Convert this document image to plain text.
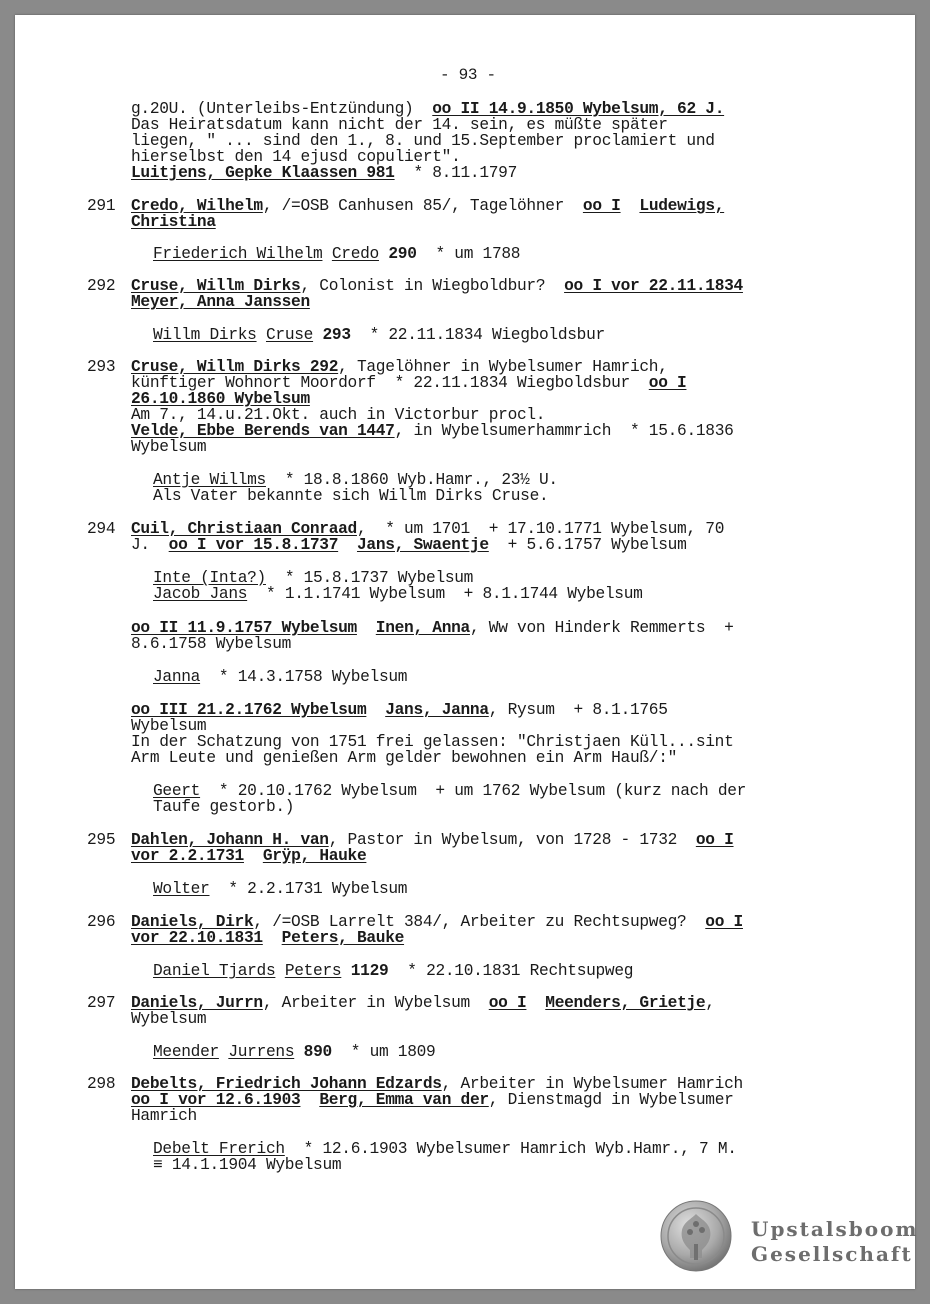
- 93 -
g.20U. (Unterleibs-Entzündung)  oo II 14.9.1850 Wybelsum, 62 J.
Das Heiratsdatum kann nicht der 14. sein, es müßte später
liegen, " ... sind den 1., 8. und 15.September proclamiert und
hierselbst den 14 ejusd copuliert".
Luitjens, Gepke Klaassen 981  * 8.11.1797
291 Credo, Wilhelm, /=OSB Canhusen 85/, Tagelöhner  oo I Ludewigs,
Christina
Friederich Wilhelm Credo 290  * um 1788
292 Cruse, Willm Dirks, Colonist in Wiegboldbur?  oo I vor 22.11.1834
Meyer, Anna Janssen
Willm Dirks Cruse 293  * 22.11.1834 Wiegboldsbur
293 Cruse, Willm Dirks 292, Tagelöhner in Wybelsumer Hamrich,
künftiger Wohnort Moordorf  * 22.11.1834 Wiegboldsbur  oo I
26.10.1860 Wybelsum
Am 7., 14.u.21.Okt. auch in Victorbur procl.
Velde, Ebbe Berends van 1447, in Wybelsumerhammrich  * 15.6.1836
Wybelsum
Antje Willms  * 18.8.1860 Wyb.Hamr., 23½ U.
Als Vater bekannte sich Willm Dirks Cruse.
294 Cuil, Christiaan Conraad,  * um 1701  + 17.10.1771 Wybelsum, 70
J.  oo I vor 15.8.1737 Jans, Swaentje  + 5.6.1757 Wybelsum
Inte (Inta?)  * 15.8.1737 Wybelsum
Jacob Jans  * 1.1.1741 Wybelsum  + 8.1.1744 Wybelsum
oo II 11.9.1757 Wybelsum Inen, Anna, Ww von Hinderk Remmerts  +
8.6.1758 Wybelsum
Janna  * 14.3.1758 Wybelsum
oo III 21.2.1762 Wybelsum Jans, Janna, Rysum  + 8.1.1765
Wybelsum
In der Schatzung von 1751 frei gelassen: "Christjaen Küll...sint
Arm Leute und genießen Arm gelder bewohnen ein Arm Hauß/:"
Geert  * 20.10.1762 Wybelsum  + um 1762 Wybelsum (kurz nach der
Taufe gestorb.)
295 Dahlen, Johann H. van, Pastor in Wybelsum, von 1728 - 1732  oo I
vor 2.2.1731 Grÿp, Hauke
Wolter  * 2.2.1731 Wybelsum
296 Daniels, Dirk, /=OSB Larrelt 384/, Arbeiter zu Rechtsupweg?  oo I
vor 22.10.1831 Peters, Bauke
Daniel Tjards Peters 1129  * 22.10.1831 Rechtsupweg
297 Daniels, Jurrn, Arbeiter in Wybelsum  oo I Meenders, Grietje,
Wybelsum
Meender Jurrens 890  * um 1809
298 Debelts, Friedrich Johann Edzards, Arbeiter in Wybelsumer Hamrich
oo I vor 12.6.1903 Berg, Emma van der, Dienstmagd in Wybelsumer
Hamrich
Debelt Frerich  * 12.6.1903 Wybelsumer Hamrich Wyb.Hamr., 7 M.
≡ 14.1.1904 Wybelsum
Upstalsboom
Gesellschaft
